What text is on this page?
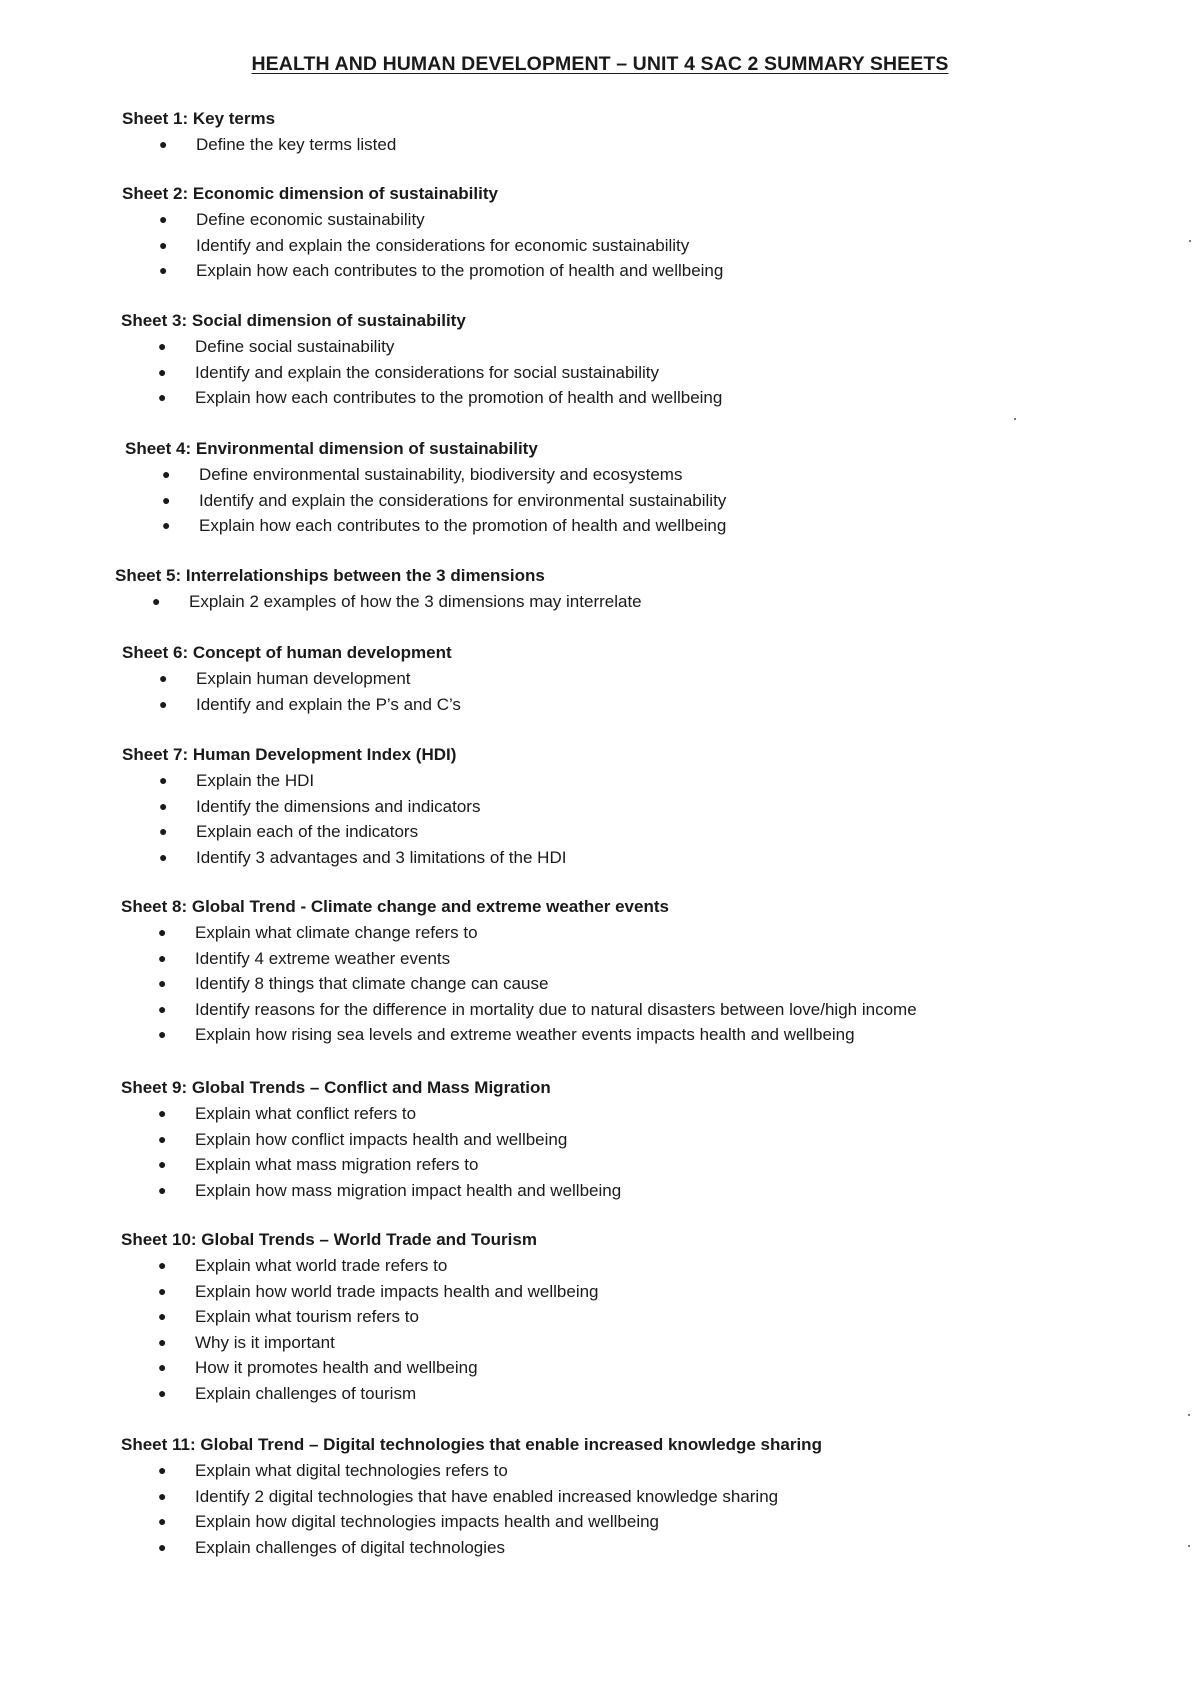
HEALTH AND HUMAN DEVELOPMENT – UNIT 4 SAC 2 SUMMARY SHEETS
Sheet 1: Key terms
● Define the key terms listed
Sheet 2: Economic dimension of sustainability
● Define economic sustainability
● Identify and explain the considerations for economic sustainability
● Explain how each contributes to the promotion of health and wellbeing
Sheet 3: Social dimension of sustainability
● Define social sustainability
● Identify and explain the considerations for social sustainability
● Explain how each contributes to the promotion of health and wellbeing
Sheet 4: Environmental dimension of sustainability
● Define environmental sustainability, biodiversity and ecosystems
● Identify and explain the considerations for environmental sustainability
● Explain how each contributes to the promotion of health and wellbeing
Sheet 5: Interrelationships between the 3 dimensions
● Explain 2 examples of how the 3 dimensions may interrelate
Sheet 6: Concept of human development
● Explain human development
● Identify and explain the P’s and C’s
Sheet 7: Human Development Index (HDI)
● Explain the HDI
● Identify the dimensions and indicators
● Explain each of the indicators
● Identify 3 advantages and 3 limitations of the HDI
Sheet 8: Global Trend - Climate change and extreme weather events
● Explain what climate change refers to
● Identify 4 extreme weather events
● Identify 8 things that climate change can cause
● Identify reasons for the difference in mortality due to natural disasters between love/high income
● Explain how rising sea levels and extreme weather events impacts health and wellbeing
Sheet 9: Global Trends – Conflict and Mass Migration
● Explain what conflict refers to
● Explain how conflict impacts health and wellbeing
● Explain what mass migration refers to
● Explain how mass migration impact health and wellbeing
Sheet 10: Global Trends – World Trade and Tourism
● Explain what world trade refers to
● Explain how world trade impacts health and wellbeing
● Explain what tourism refers to
● Why is it important
● How it promotes health and wellbeing
● Explain challenges of tourism
Sheet 11: Global Trend – Digital technologies that enable increased knowledge sharing
● Explain what digital technologies refers to
● Identify 2 digital technologies that have enabled increased knowledge sharing
● Explain how digital technologies impacts health and wellbeing
● Explain challenges of digital technologies
